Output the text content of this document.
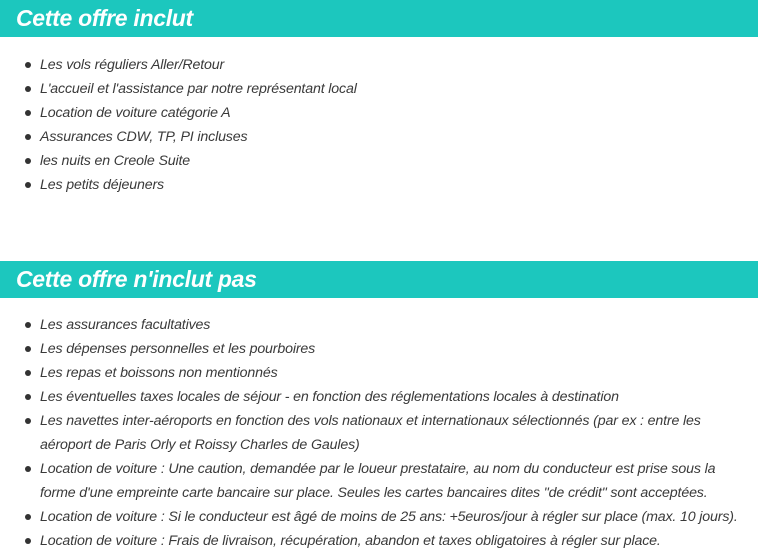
Cette offre inclut
Les vols réguliers Aller/Retour
L'accueil et l'assistance par notre représentant local
Location de voiture catégorie A
Assurances CDW, TP, PI incluses
les nuits en Creole Suite
Les petits déjeuners
Cette offre n'inclut pas
Les assurances facultatives
Les dépenses personnelles et les pourboires
Les repas et boissons non mentionnés
Les éventuelles taxes locales de séjour - en fonction des réglementations locales à destination
Les navettes inter-aéroports en fonction des vols nationaux et internationaux sélectionnés (par ex : entre les aéroport de Paris Orly et Roissy Charles de Gaules)
Location de voiture : Une caution, demandée par le loueur prestataire, au nom du conducteur est prise sous la forme d'une empreinte carte bancaire sur place. Seules les cartes bancaires dites "de crédit" sont acceptées.
Location de voiture : Si le conducteur est âgé de moins de 25 ans: +5euros/jour à régler sur place (max. 10 jours).
Location de voiture : Frais de livraison, récupération, abandon et taxes obligatoires à régler sur place.
